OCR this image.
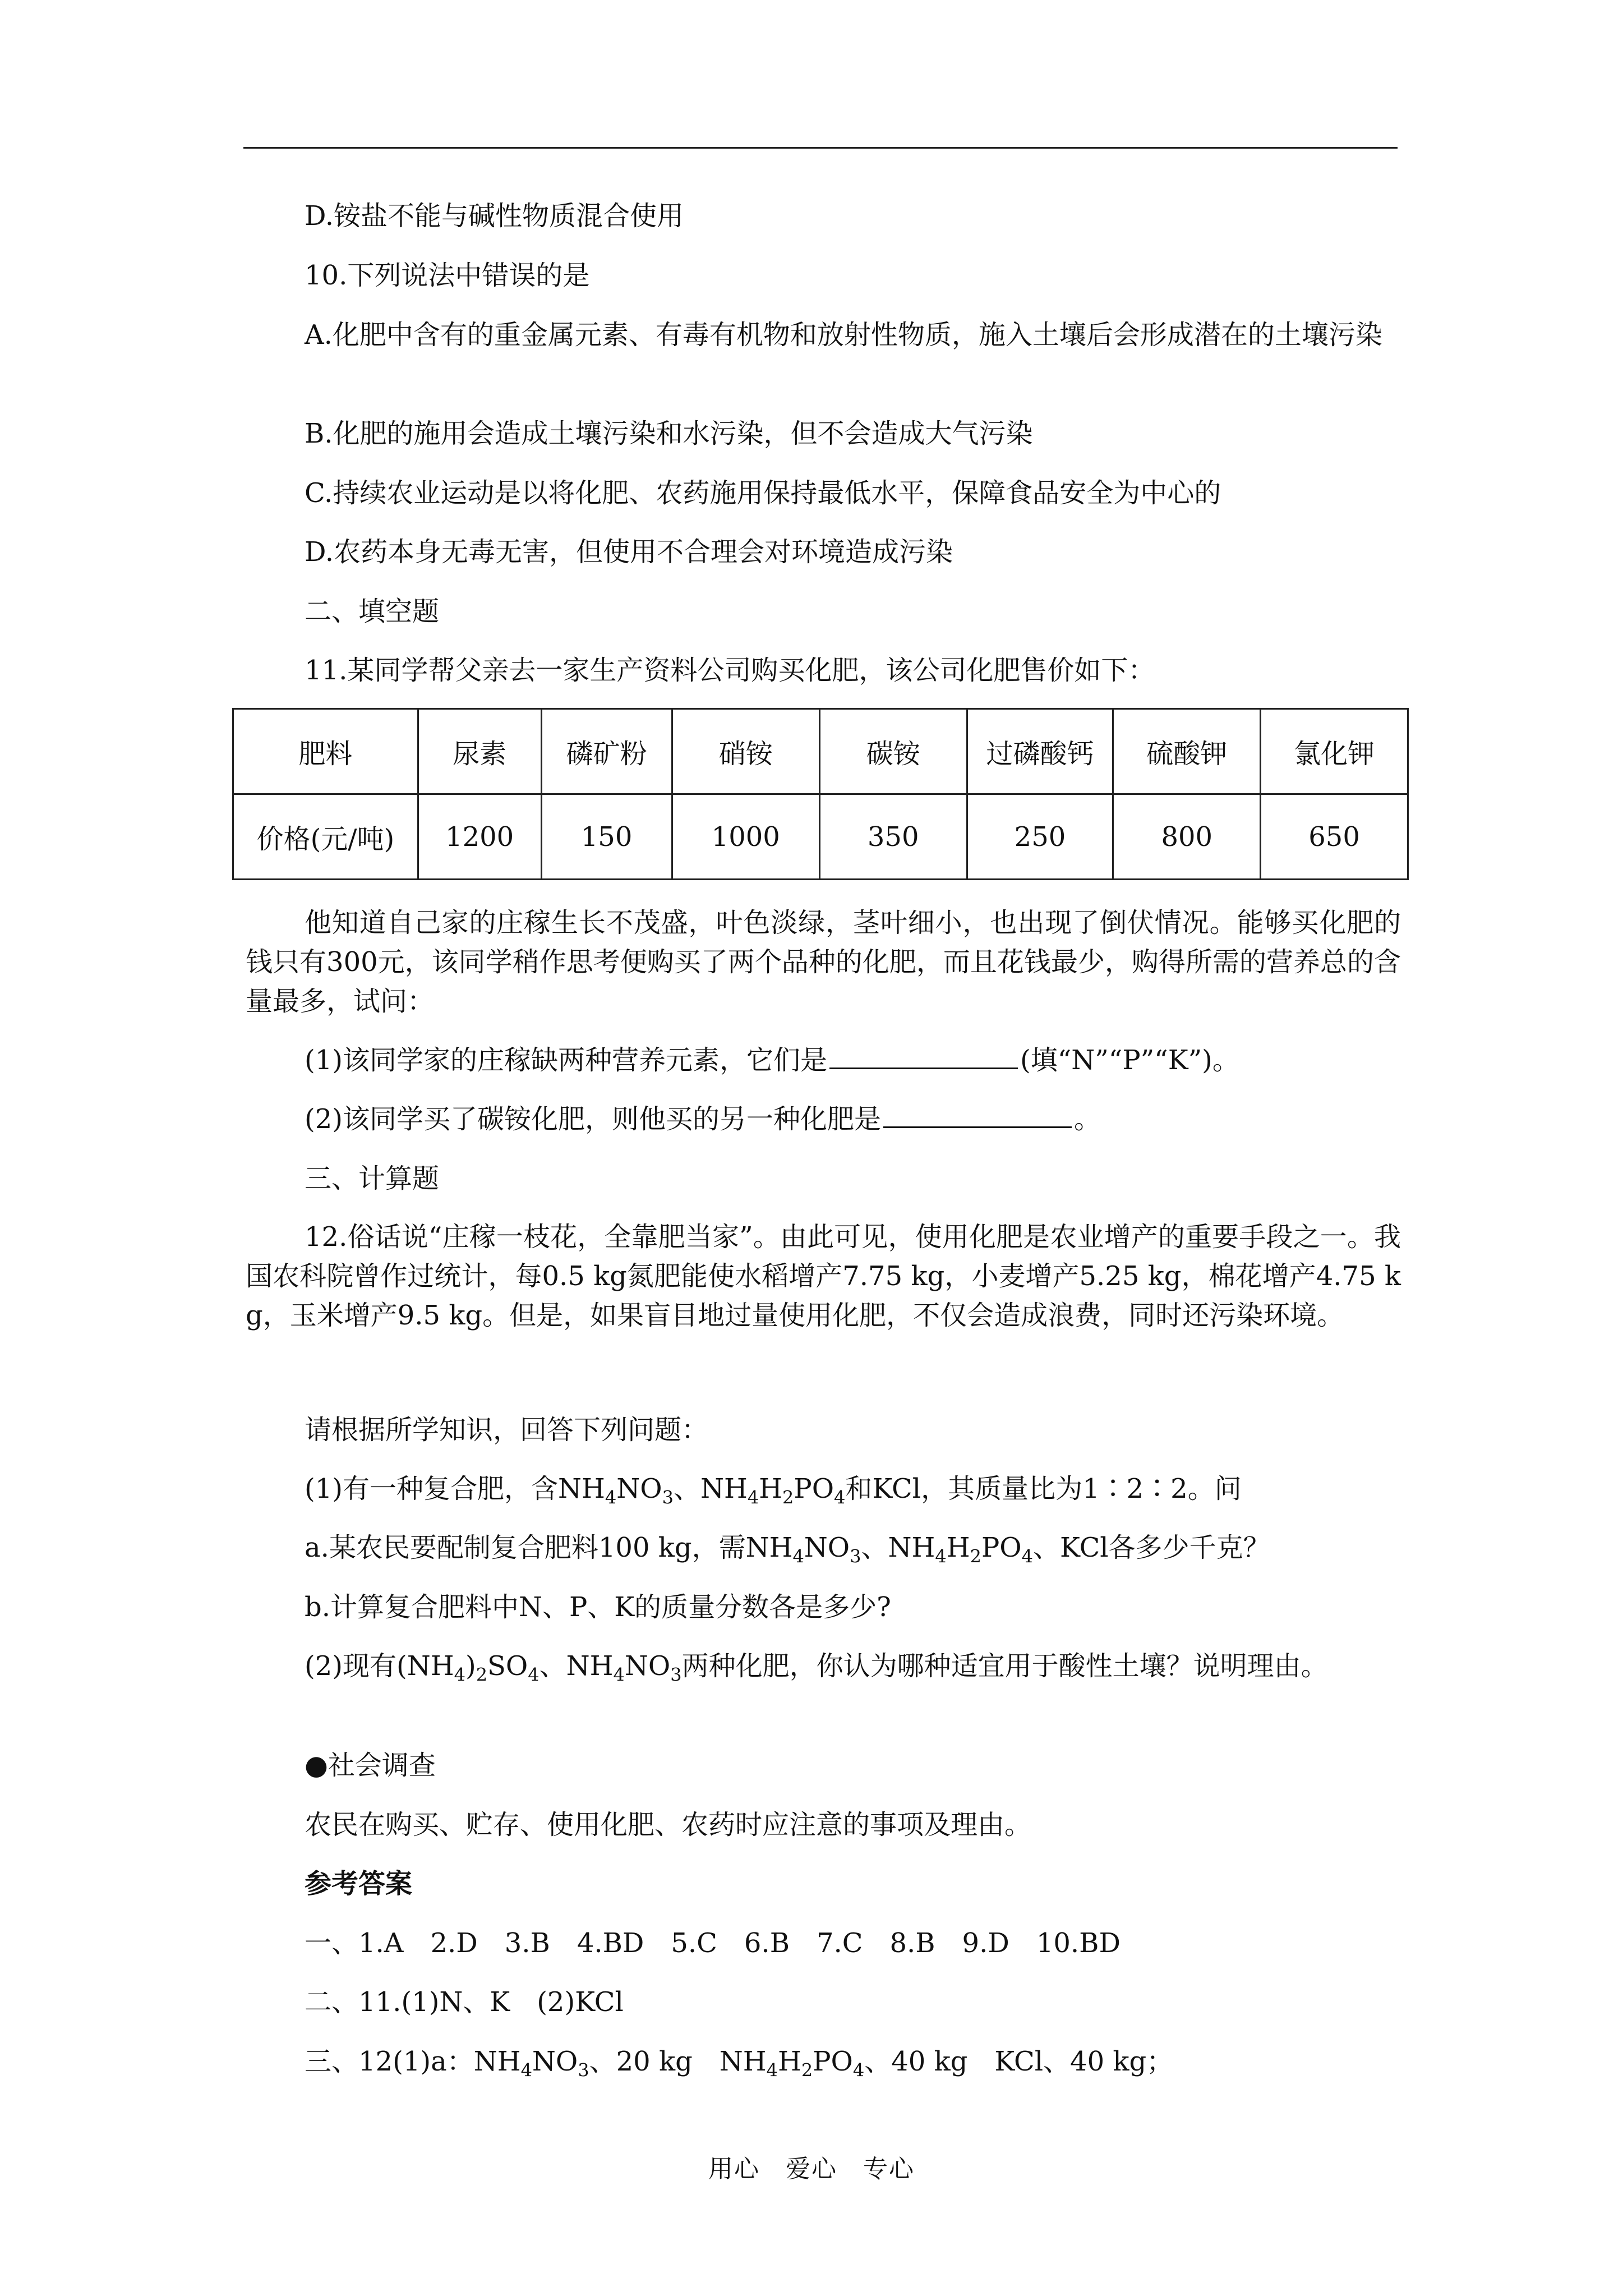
D.铵盐不能与碱性物质混合使用
10.下列说法中错误的是
A.化肥中含有的重金属元素、有毒有机物和放射性物质，施入土壤后会形成潜在的土壤污染
B.化肥的施用会造成土壤污染和水污染，但不会造成大气污染
C.持续农业运动是以将化肥、农药施用保持最低水平，保障食品安全为中心的
D.农药本身无毒无害，但使用不合理会对环境造成污染
二、填空题
11.某同学帮父亲去一家生产资料公司购买化肥，该公司化肥售价如下：
肥料	尿素	磷矿粉	硝铵	碳铵	过磷酸钙	硫酸钾	氯化钾
价格(元/吨)	1200	150	1000	350	250	800	650
他知道自己家的庄稼生长不茂盛，叶色淡绿，茎叶细小，也出现了倒伏情况。能够买化肥的钱只有300元，该同学稍作思考便购买了两个品种的化肥，而且花钱最少，购得所需的营养总的含量最多，试问：
(1)该同学家的庄稼缺两种营养元素，它们是	(填“N”“P”“K”)。
(2)该同学买了碳铵化肥，则他买的另一种化肥是	。
三、计算题
12.俗话说“庄稼一枝花，全靠肥当家”。由此可见，使用化肥是农业增产的重要手段之一。我国农科院曾作过统计，每0.5 kg氮肥能使水稻增产7.75 kg，小麦增产5.25 kg，棉花增产4.75 kg，玉米增产9.5 kg。但是，如果盲目地过量使用化肥，不仅会造成浪费，同时还污染环境。
请根据所学知识，回答下列问题：
(1)有一种复合肥，含$NH_4NO_3$、$NH_4H_2PO_4$和KCl，其质量比为1∶2∶2。问
a.某农民要配制复合肥料100 kg，需$NH_4NO_3$、$NH_4H_2PO_4$、KCl各多少千克？
b.计算复合肥料中N、P、K的质量分数各是多少?
(2)现有$(NH_4)_2SO_4$、$NH_4NO_3$两种化肥，你认为哪种适宜用于酸性土壤？说明理由。
●社会调查
农民在购买、贮存、使用化肥、农药时应注意的事项及理由。
参考答案
一、1.A　2.D　3.B　4.BD　5.C　6.B　7.C　8.B　9.D　10.BD
二、11.(1)N、K　(2)KCl
三、12(1)a：$NH_4NO_3$、20 kg　$NH_4H_2PO_4$、40 kg　KCl、40 kg；
用心　爱心　专心
